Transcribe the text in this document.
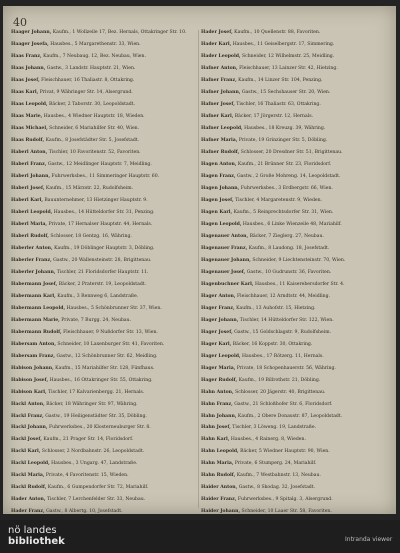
40

Haager Johann, Kaufm., 1 Wollzeile 17, Bez. Hernals, Ottakringer Str. 10.

Haager Josefa, Hausbes., 5 Margarethenstr. 33, Wien.

Haas Franz, Kaufm., 7 Neubaug. 12, Bez. Neubau, Wien.

Haas Johann, Gastw., 3 Landstr. Hauptstr. 21, Wien.

Haas Josef, Fleischhauer, 16 Thaliastr. 8, Ottakring.

Haas Karl, Privat, 9 Währinger Str. 14, Alsergrund.

Haas Leopold, Bäcker, 2 Taborstr. 30, Leopoldstadt.

Haas Marie, Hausbes., 4 Wiedner Hauptstr. 18, Wieden.

Haas Michael, Schneider, 6 Mariahilfer Str. 40, Wien.

Haas Rudolf, Kaufm., 8 Josefstädter Str. 5, Josefstadt.

Haberl Anton, Tischler, 10 Favoritenstr. 52, Favoriten.

Haberl Franz, Gastw., 12 Meidlinger Hauptstr. 7, Meidling.

Haberl Johann, Fuhrwerksbes., 11 Simmeringer Hauptstr. 60.

Haberl Josef, Kaufm., 15 Märzstr. 22, Rudolfsheim.

Haberl Karl, Bauunternehmer, 13 Hietzinger Hauptstr. 9.

Haberl Leopold, Hausbes., 14 Hütteldorfer Str. 31, Penzing.

Haberl Maria, Private, 17 Hernalser Hauptstr. 44, Hernals.

Haberl Rudolf, Schlosser, 18 Gentzg. 16, Währing.

Haberler Anton, Kaufm., 19 Döblinger Hauptstr. 3, Döbling.

Haberler Franz, Gastw., 20 Wallensteinstr. 28, Brigittenau.

Haberler Johann, Tischler, 21 Floridsdorfer Hauptstr. 11.

Habermann Josef, Bäcker, 2 Praterstr. 19, Leopoldstadt.

Habermann Karl, Kaufm., 3 Rennweg 6, Landstraße.

Habermann Leopold, Hausbes., 5 Schönbrunner Str. 37, Wien.

Habermann Marie, Private, 7 Burgg. 24, Neubau.

Habermann Rudolf, Fleischhauer, 9 Nußdorfer Str. 13, Wien.

Habersam Anton, Schneider, 10 Laxenburger Str. 41, Favoriten.

Habersam Franz, Gastw., 12 Schönbrunner Str. 62, Meidling.

Habison Johann, Kaufm., 15 Mariahilfer Str. 128, Fünfhaus.

Habison Josef, Hausbes., 16 Ottakringer Str. 55, Ottakring.

Habison Karl, Tischler, 17 Kalvarienbergg. 21, Hernals.

Hackl Anton, Bäcker, 18 Währinger Str. 97, Währing.

Hackl Franz, Gastw., 19 Heiligenstädter Str. 35, Döbling.

Hackl Johann, Fuhrwerksbes., 20 Klosterneuburger Str. 8.

Hackl Josef, Kaufm., 21 Prager Str. 14, Floridsdorf.

Hackl Karl, Schlosser, 2 Nordbahnstr. 26, Leopoldstadt.

Hackl Leopold, Hausbes., 3 Ungarg. 47, Landstraße.

Hackl Maria, Private, 4 Favoritenstr. 15, Wieden.

Hackl Rudolf, Kaufm., 6 Gumpendorfer Str. 72, Mariahilf.

Hader Anton, Tischler, 7 Lerchenfelder Str. 33, Neubau.

Hader Franz, Gastw., 8 Albertg. 10, Josefstadt.

Hader Josef, Kaufm., 10 Quellenstr. 88, Favoriten.

Hader Karl, Hausbes., 11 Geiselbergstr. 17, Simmering.

Hader Leopold, Schneider, 12 Wilhelmstr. 25, Meidling.

Hafner Anton, Fleischhauer, 13 Lainzer Str. 42, Hietzing.

Hafner Franz, Kaufm., 14 Linzer Str. 104, Penzing.

Hafner Johann, Gastw., 15 Sechshauser Str. 20, Wien.

Hafner Josef, Tischler, 16 Thaliastr. 63, Ottakring.

Hafner Karl, Bäcker, 17 Jörgerstr. 12, Hernals.

Hafner Leopold, Hausbes., 18 Kreuzg. 39, Währing.

Hafner Maria, Private, 19 Grinzinger Str. 5, Döbling.

Hafner Rudolf, Schlosser, 20 Dresdner Str. 51, Brigittenau.

Hagen Anton, Kaufm., 21 Brünner Str. 23, Floridsdorf.

Hagen Franz, Gastw., 2 Große Mohreng. 14, Leopoldstadt.

Hagen Johann, Fuhrwerksbes., 3 Erdbergstr. 66, Wien.

Hagen Josef, Tischler, 4 Margaretenstr. 9, Wieden.

Hagen Karl, Kaufm., 5 Reinprechtsdorfer Str. 31, Wien.

Hagen Leopold, Hausbes., 6 Linke Wienzeile 48, Mariahilf.

Hagenauer Anton, Bäcker, 7 Zieglerg. 27, Neubau.

Hagenauer Franz, Kaufm., 8 Laudong. 18, Josefstadt.

Hagenauer Johann, Schneider, 9 Liechtensteinstr. 70, Wien.

Hagenauer Josef, Gastw., 10 Gudrunstr. 36, Favoriten.

Hagenbuchner Karl, Hausbes., 11 Kaiserebersdorfer Str. 4.

Hager Anton, Fleischhauer, 12 Arndtstr. 44, Meidling.

Hager Franz, Kaufm., 13 Auhofstr. 15, Hietzing.

Hager Johann, Tischler, 14 Hütteldorfer Str. 122, Wien.

Hager Josef, Gastw., 15 Goldschlagstr. 9, Rudolfsheim.

Hager Karl, Bäcker, 16 Koppstr. 30, Ottakring.

Hager Leopold, Hausbes., 17 Rötzerg. 11, Hernals.

Hager Maria, Private, 18 Schopenhauerstr. 56, Währing.

Hager Rudolf, Kaufm., 19 Billrothstr. 21, Döbling.

Hahn Anton, Schlosser, 20 Jägerstr. 40, Brigittenau.

Hahn Franz, Gastw., 21 Schloßhofer Str. 6, Floridsdorf.

Hahn Johann, Kaufm., 2 Obere Donaustr. 87, Leopoldstadt.

Hahn Josef, Tischler, 3 Löweng. 19, Landstraße.

Hahn Karl, Hausbes., 4 Rainerg. 8, Wieden.

Hahn Leopold, Bäcker, 5 Wiedner Hauptstr. 90, Wien.

Hahn Maria, Private, 6 Stumperg. 24, Mariahilf.

Hahn Rudolf, Kaufm., 7 Westbahnstr. 13, Neubau.

Haider Anton, Gastw., 8 Skodag. 32, Josefstadt.

Haider Franz, Fuhrwerksbes., 9 Spitalg. 3, Alsergrund.

Haider Johann, Schneider, 10 Laaer Str. 58, Favoriten.

nö landes
bibliothek	Intranda viewer
